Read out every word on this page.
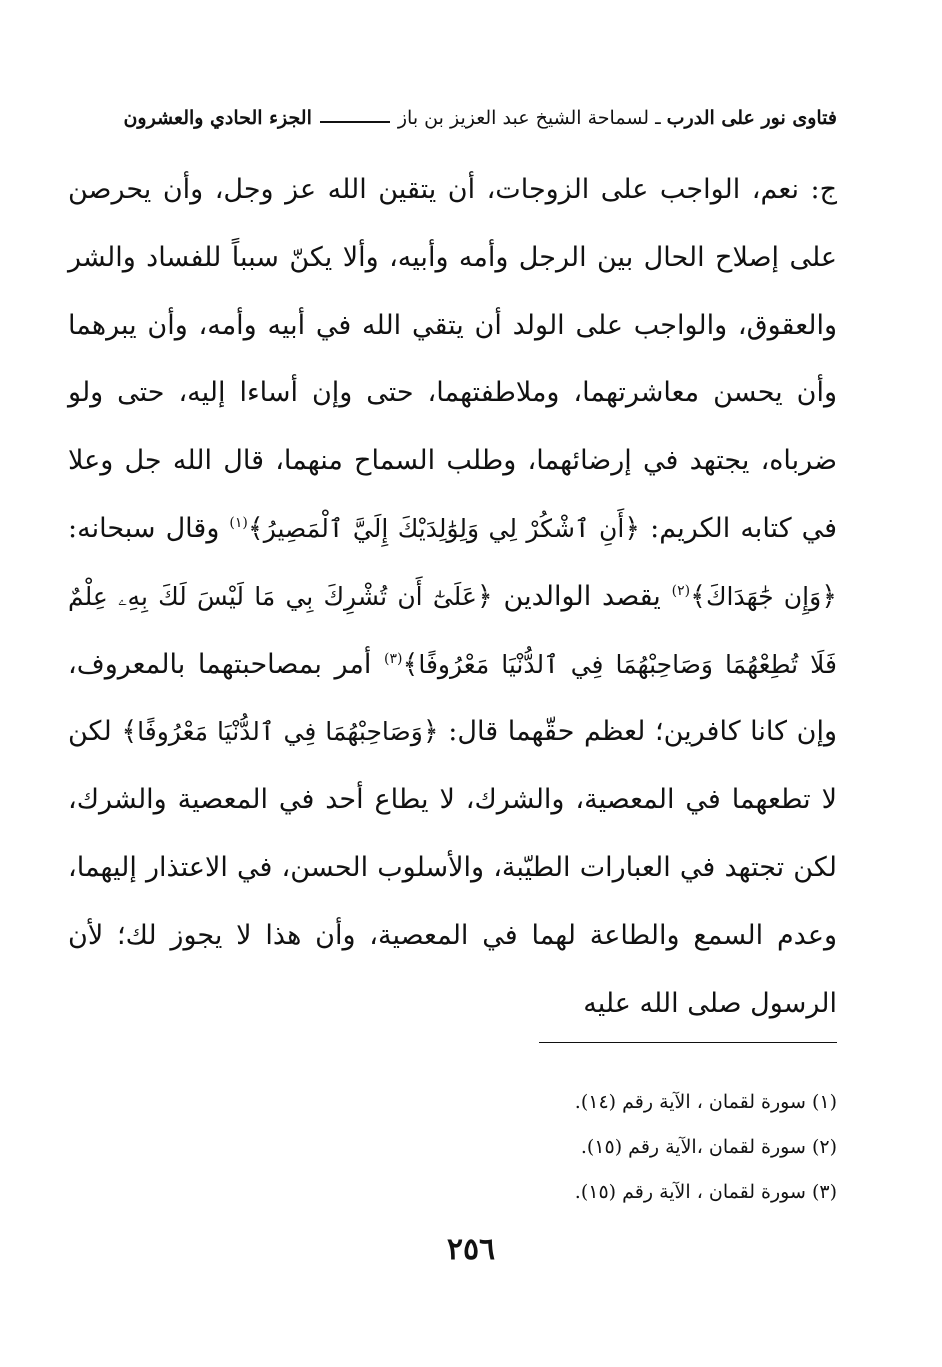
فتاوى نور على الدرب
ـ
لسماحة الشيخ عبد العزيز بن باز
الجزء الحادي والعشرون

ج: نعم، الواجب على الزوجات، أن يتقين الله عز وجل، وأن يحرصن على إصلاح الحال بين الرجل وأمه وأبيه، وألا يكنّ سبباً للفساد والشر والعقوق، والواجب على الولد أن يتقي الله في أبيه وأمه، وأن يبرهما وأن يحسن معاشرتهما، وملاطفتهما، حتى وإن أساءا إليه، حتى ولو ضرباه، يجتهد في إرضائهما، وطلب السماح منهما، قال الله جل وعلا في كتابه الكريم: ﴿أَنِ ٱشْكُرْ لِي وَلِوَٰلِدَيْكَ إِلَيَّ ٱلْمَصِيرُ﴾$^{(١)}$ وقال سبحانه: ﴿وَإِن جَٰهَدَاكَ﴾$^{(٢)}$ يقصد الوالدين ﴿عَلَىٰٓ أَن تُشْرِكَ بِي مَا لَيْسَ لَكَ بِهِۦ عِلْمٌ فَلَا تُطِعْهُمَا وَصَاحِبْهُمَا فِي ٱلدُّنْيَا مَعْرُوفًا﴾$^{(٣)}$ أمر بمصاحبتهما بالمعروف، وإن كانا كافرين؛ لعظم حقّهما قال: ﴿وَصَاحِبْهُمَا فِي ٱلدُّنْيَا مَعْرُوفًا﴾ لكن لا تطعهما في المعصية، والشرك، لا يطاع أحد في المعصية والشرك، لكن تجتهد في العبارات الطيّبة، والأسلوب الحسن، في الاعتذار إليهما، وعدم السمع والطاعة لهما في المعصية، وأن هذا لا يجوز لك؛ لأن الرسول صلى الله عليه

(١) سورة لقمان ، الآية رقم (١٤).
(٢) سورة لقمان ،الآية رقم (١٥).
(٣) سورة لقمان ، الآية رقم (١٥).
٢٥٦
